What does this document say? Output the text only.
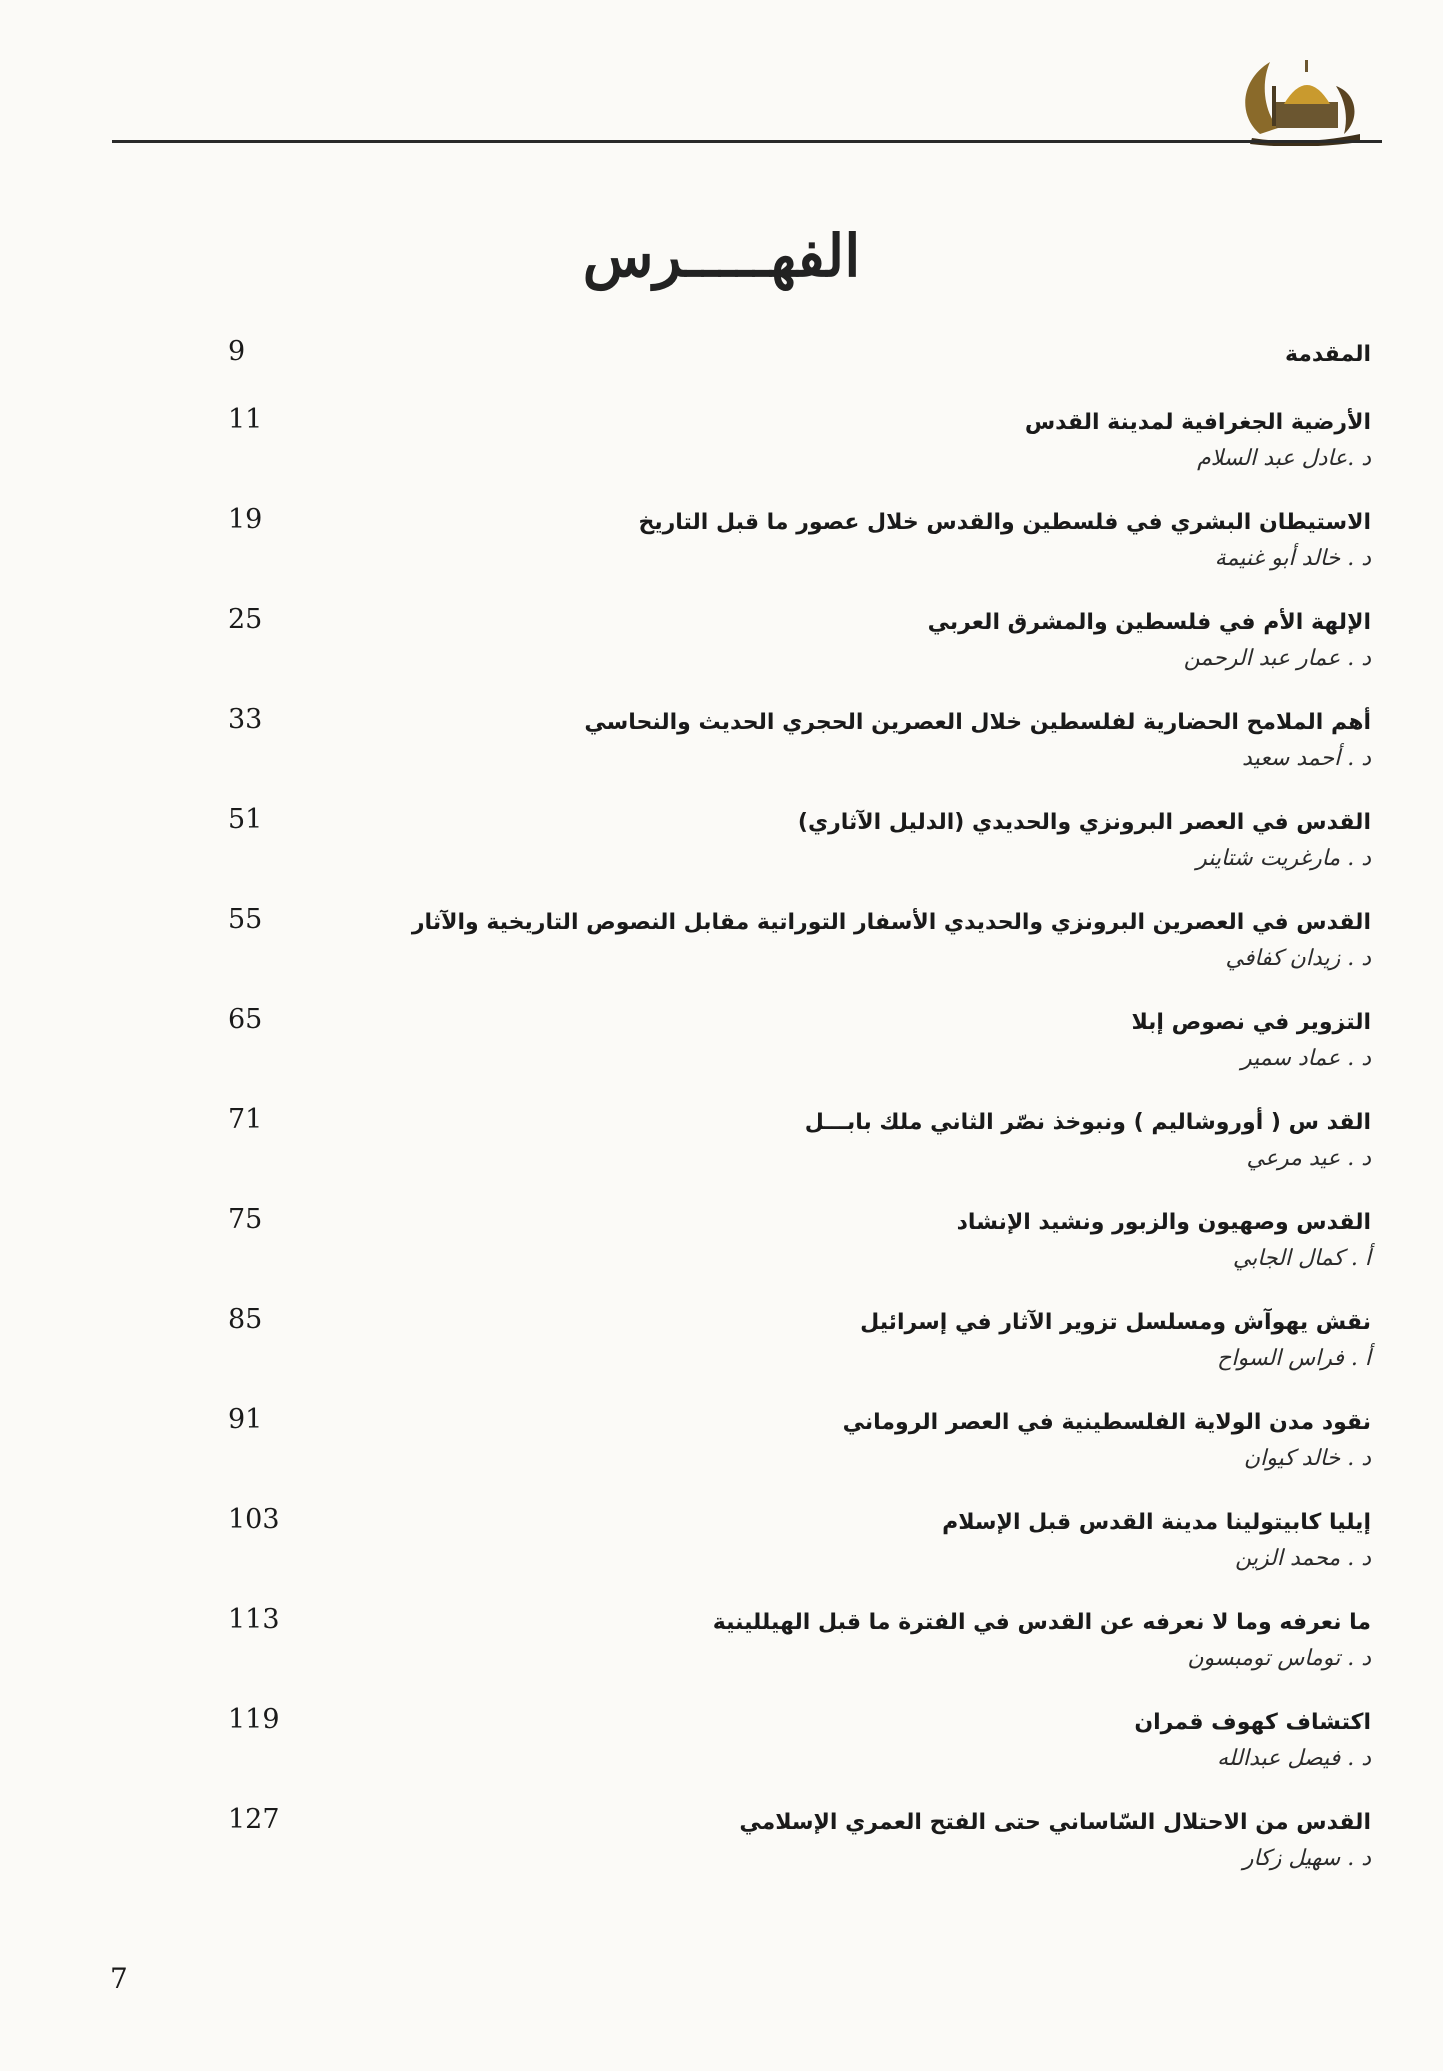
الفهـــــرس
المقدمة
9
الأرضية الجغرافية لمدينة القدس
د .عادل عبد السلام
11
الاستيطان البشري في فلسطين والقدس خلال عصور ما قبل التاريخ
د . خالد أبو غنيمة
19
الإلهة الأم في فلسطين والمشرق العربي
د . عمار عبد الرحمن
25
أهم الملامح الحضارية لفلسطين خلال العصرين الحجري الحديث والنحاسي
د . أحمد سعيد
33
القدس في العصر البرونزي والحديدي (الدليل الآثاري)
د . مارغريت شتاينر
51
القدس في العصرين البرونزي والحديدي الأسفار التوراتية مقابل النصوص التاريخية والآثار
د . زيدان كفافي
55
التزوير في نصوص إبلا
د . عماد سمير
65
القد س ( أوروشاليم ) ونبوخذ نصّر الثاني ملك بابـــل
د . عيد مرعي
71
القدس وصهيون والزبور ونشيد الإنشاد
أ . كمال الجابي
75
نقش يهوآش ومسلسل تزوير الآثار في إسرائيل
أ . فراس السواح
85
نقود مدن الولاية الفلسطينية في العصر الروماني
د . خالد كيوان
91
إيليا كابيتولينا مدينة القدس قبل الإسلام
د . محمد الزين
103
ما نعرفه وما لا نعرفه عن القدس في الفترة ما قبل الهيللينية
د . توماس تومبسون
113
اكتشاف كهوف قمران
د . فيصل عبدالله
119
القدس من الاحتلال السّاساني حتى الفتح العمري الإسلامي
د . سهيل زكار
127
7
